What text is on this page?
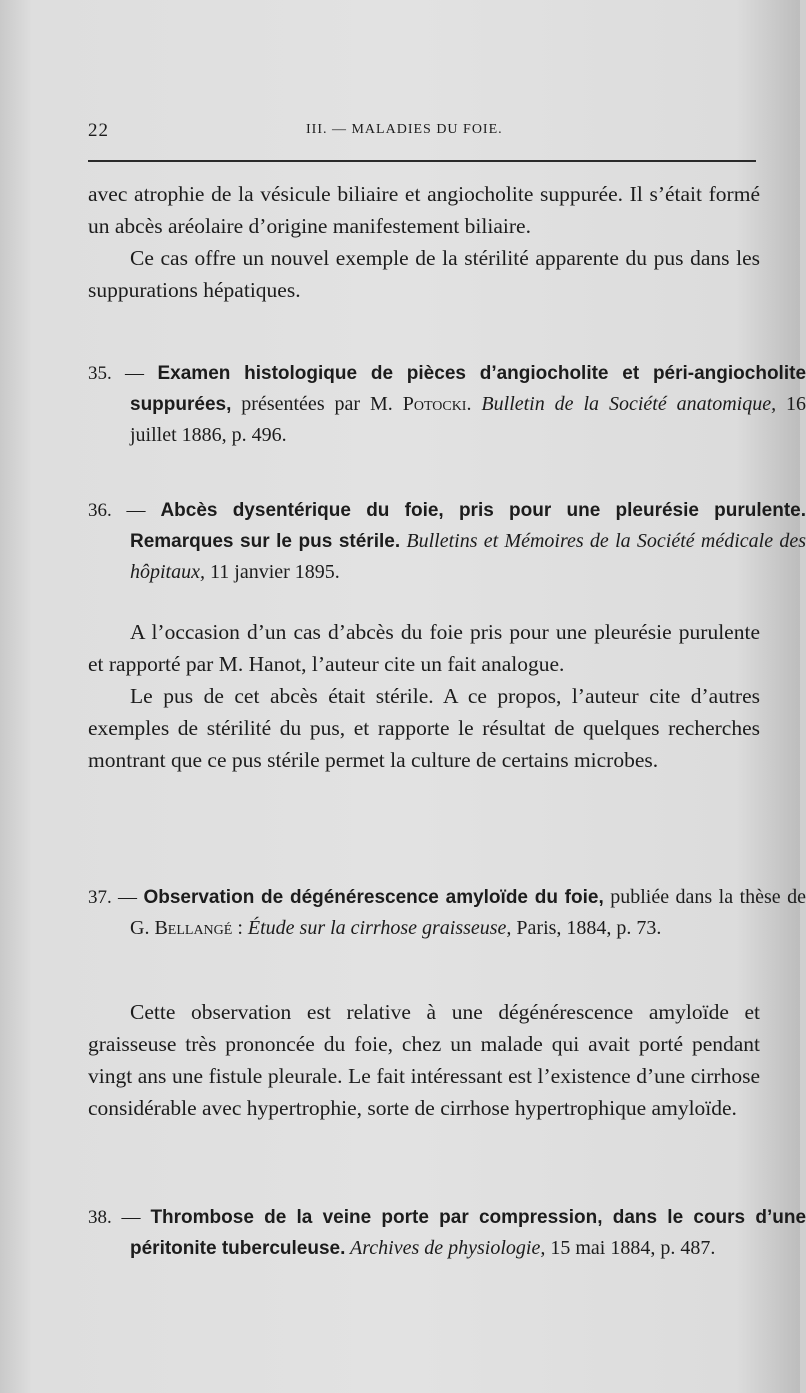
22	III. — MALADIES DU FOIE.

avec atrophie de la vésicule biliaire et angiocholite suppurée. Il s’était formé un abcès aréolaire d’origine manifestement biliaire.

Ce cas offre un nouvel exemple de la stérilité apparente du pus dans les suppurations hépatiques.

35. — Examen histologique de pièces d’angiocholite et péri-angiocholite suppurées, présentées par M. Potocki. Bulletin de la Société anatomique, 16 juillet 1886, p. 496.
36. — Abcès dysentérique du foie, pris pour une pleurésie purulente. Remarques sur le pus stérile. Bulletins et Mémoires de la Société médicale des hôpitaux, 11 janvier 1895.

A l’occasion d’un cas d’abcès du foie pris pour une pleurésie purulente et rapporté par M. Hanot, l’auteur cite un fait analogue.

Le pus de cet abcès était stérile. A ce propos, l’auteur cite d’autres exemples de stérilité du pus, et rapporte le résultat de quelques recherches montrant que ce pus stérile permet la culture de certains microbes.

37. — Observation de dégénérescence amyloïde du foie, publiée dans la thèse de G. Bellangé : Étude sur la cirrhose graisseuse, Paris, 1884, p. 73.

Cette observation est relative à une dégénérescence amyloïde et graisseuse très prononcée du foie, chez un malade qui avait porté pendant vingt ans une fistule pleurale. Le fait intéressant est l’existence d’une cirrhose considérable avec hypertrophie, sorte de cirrhose hypertrophique amyloïde.

38. — Thrombose de la veine porte par compression, dans le cours d’une péritonite tuberculeuse. Archives de physiologie, 15 mai 1884, p. 487.
